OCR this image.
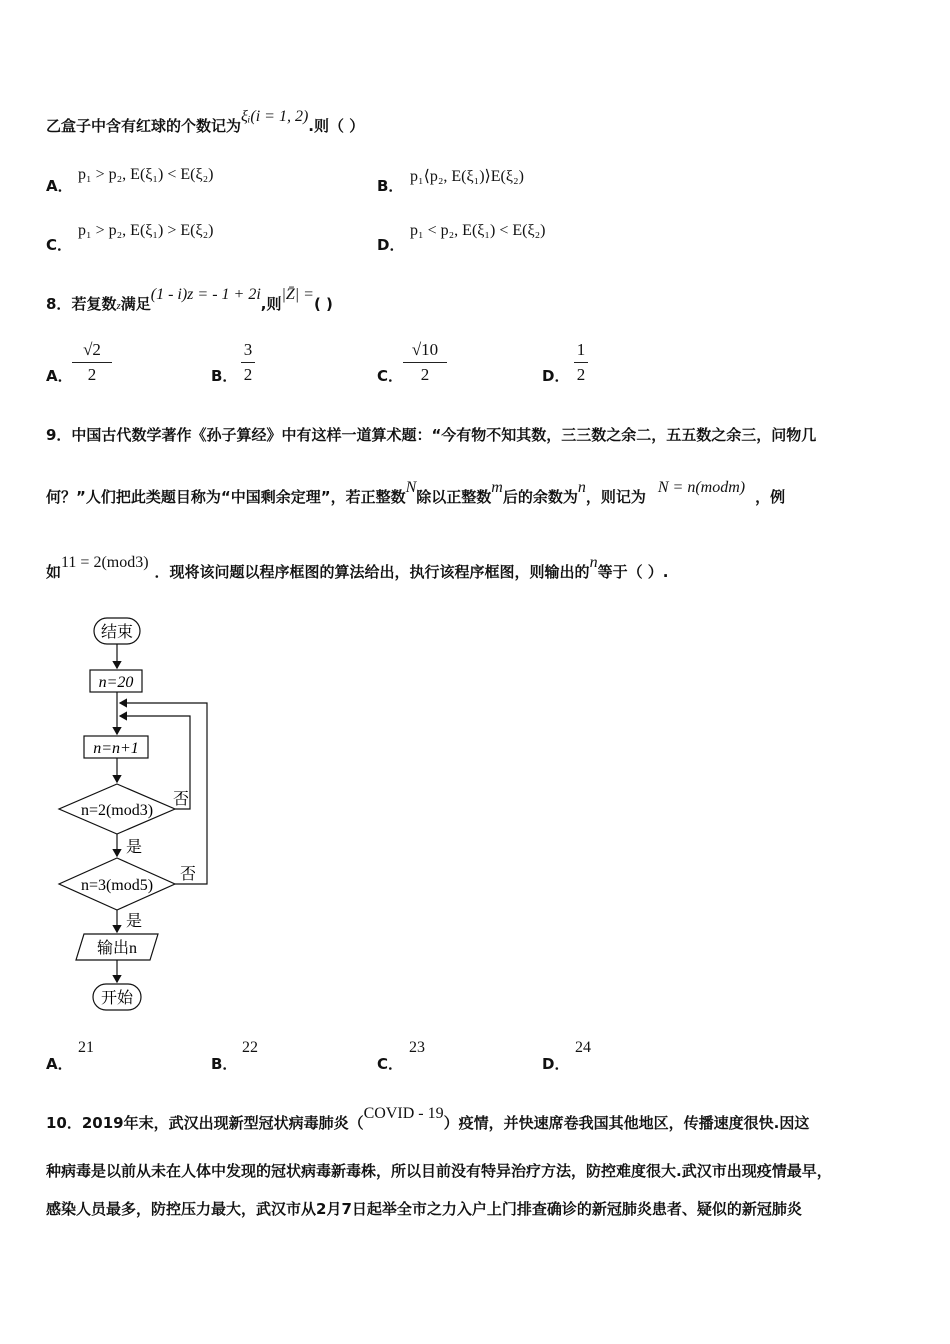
乙盒子中含有红球的个数记为ξᵢ(i = 1, 2).则（ ）
A．
p₁ > p₂, E(ξ₁) < E(ξ₂)
B．
p₁⟨p₂, E(ξ₁)⟩E(ξ₂)
C．
p₁ > p₂, E(ξ₁) > E(ξ₂)
D．
p₁ < p₂, E(ξ₁) < E(ξ₂)
8．若复数z满足(1 - i)z = - 1 + 2i,则|Z̄| =( )
A． $\frac{√2}{2}$	B．
$\frac{3}{2}$	C． $\frac{√10}{2}$	D．
$\frac{1}{2}$
9．中国古代数学著作《孙子算经》中有这样一道算术题：“今有物不知其数，三三数之余二，五五数之余三，问物几
何？”人们把此类题目称为“中国剩余定理”，若正整数N除以正整数m后的余数为n，则记为N = n(modm)，例
如11 = 2(mod3)．现将该问题以程序框图的算法给出，执行该程序框图，则输出的n等于（ ）.
结束
n=20
n=n+1
n=2(mod3)
否
是
n=3(mod5)
否
是
输出n
开始
A．
21
B．
22
C．
23
D．
24
10．2019年末，武汉出现新型冠状病毒肺炎（COVID - 19）疫情，并快速席卷我国其他地区，传播速度很快.因这
种病毒是以前从未在人体中发现的冠状病毒新毒株，所以目前没有特异治疗方法，防控难度很大.武汉市出现疫情最早，
感染人员最多，防控压力最大，武汉市从2月7日起举全市之力入户上门排查确诊的新冠肺炎患者、疑似的新冠肺炎
